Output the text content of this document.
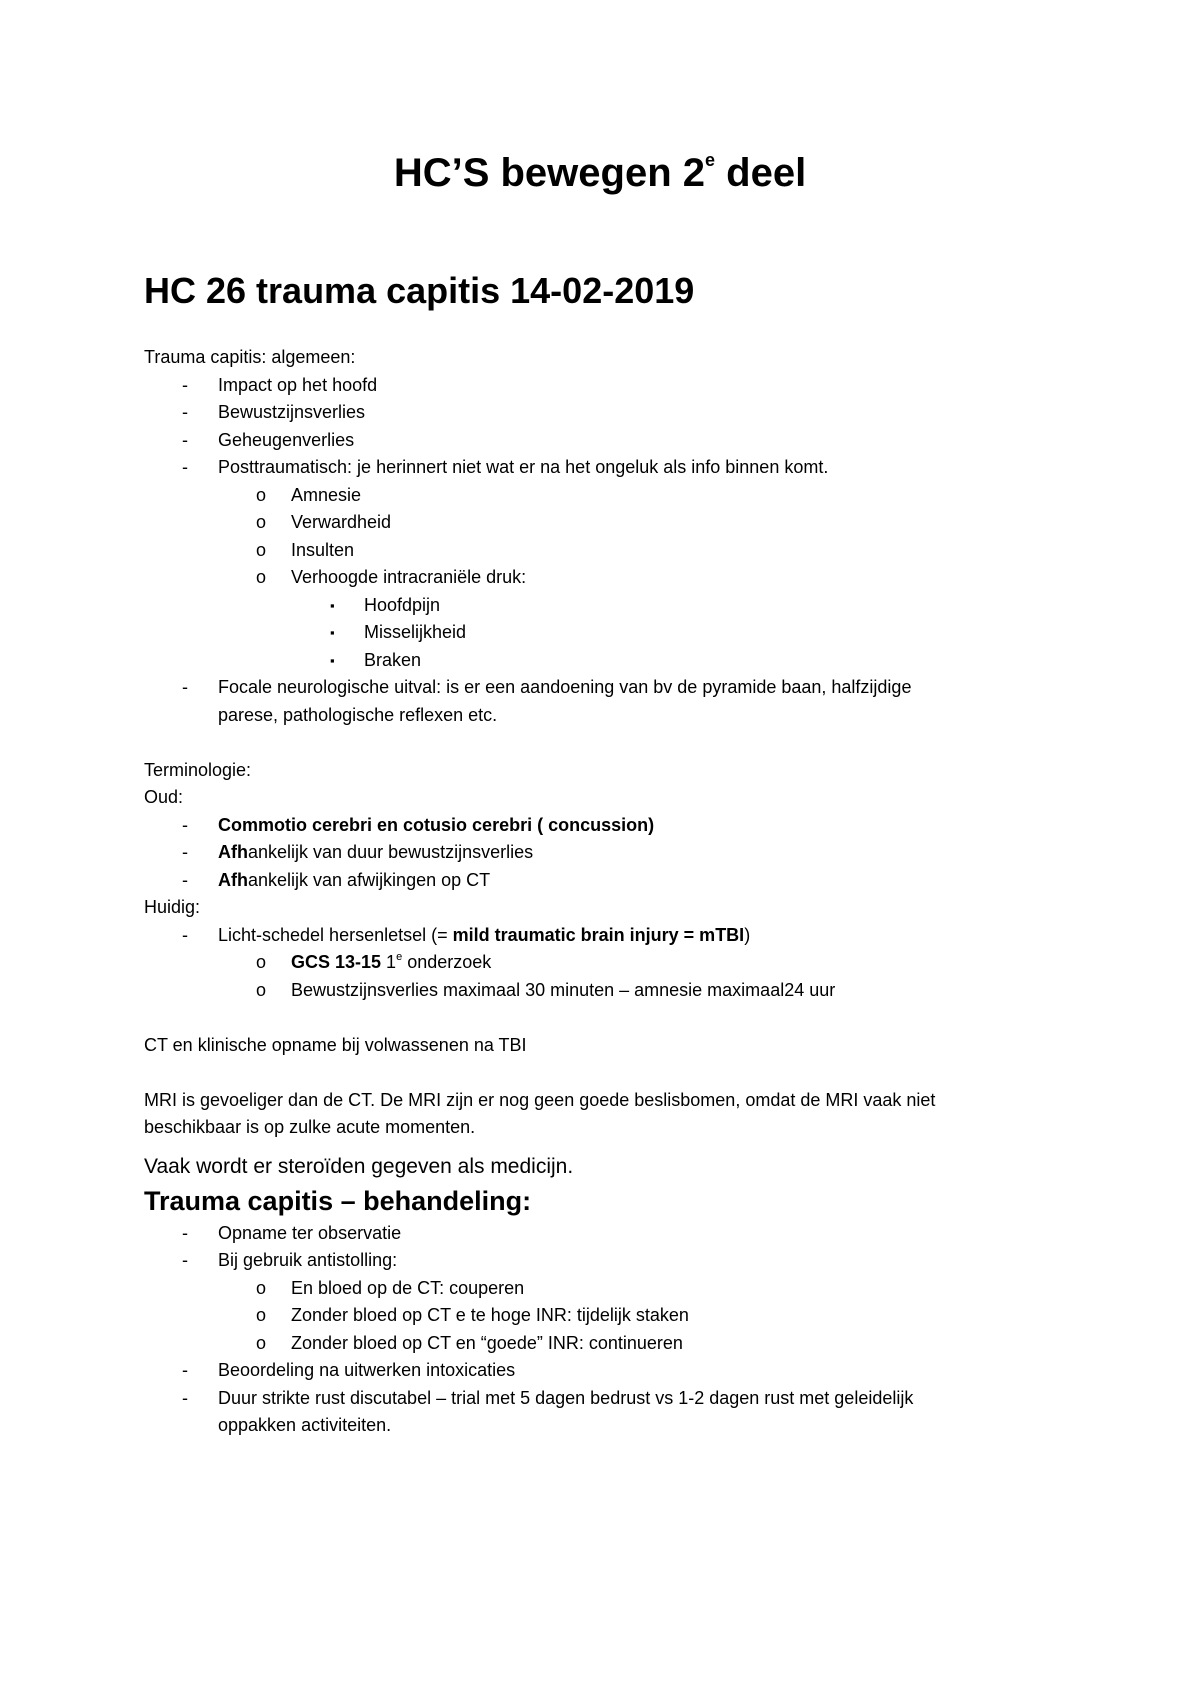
HC’S bewegen 2e deel
HC 26 trauma capitis 14-02-2019

Trauma capitis: algemeen:

- Impact op het hoofd

- Bewustzijnsverlies

- Geheugenverlies

- Posttraumatisch: je herinnert niet wat er na het ongeluk als info binnen komt.

o Amnesie

o Verwardheid

o Insulten

o Verhoogde intracraniële druk:

▪ Hoofdpijn

▪ Misselijkheid

▪ Braken

- Focale neurologische uitval: is er een aandoening van bv de pyramide baan, halfzijdige

parese, pathologische reflexen etc.

Terminologie:

Oud:

- Commotio cerebri en cotusio cerebri ( concussion)

- Afhankelijk van duur bewustzijnsverlies

- Afhankelijk van afwijkingen op CT

Huidig:

- Licht-schedel hersenletsel (= mild traumatic brain injury = mTBI)

o GCS 13-15 1e onderzoek

o Bewustzijnsverlies maximaal 30 minuten – amnesie maximaal24 uur

CT en klinische opname bij volwassenen na TBI

MRI is gevoeliger dan de CT. De MRI zijn er nog geen goede beslisbomen, omdat de MRI vaak niet

beschikbaar is op zulke acute momenten.

Vaak wordt er steroïden gegeven als medicijn.

Trauma capitis – behandeling:

- Opname ter observatie

- Bij gebruik antistolling:

o En bloed op de CT: couperen

o Zonder bloed op CT e te hoge INR: tijdelijk staken

o Zonder bloed op CT en “goede” INR: continueren

- Beoordeling na uitwerken intoxicaties

- Duur strikte rust discutabel – trial met 5 dagen bedrust vs 1-2 dagen rust met geleidelijk

oppakken activiteiten.
